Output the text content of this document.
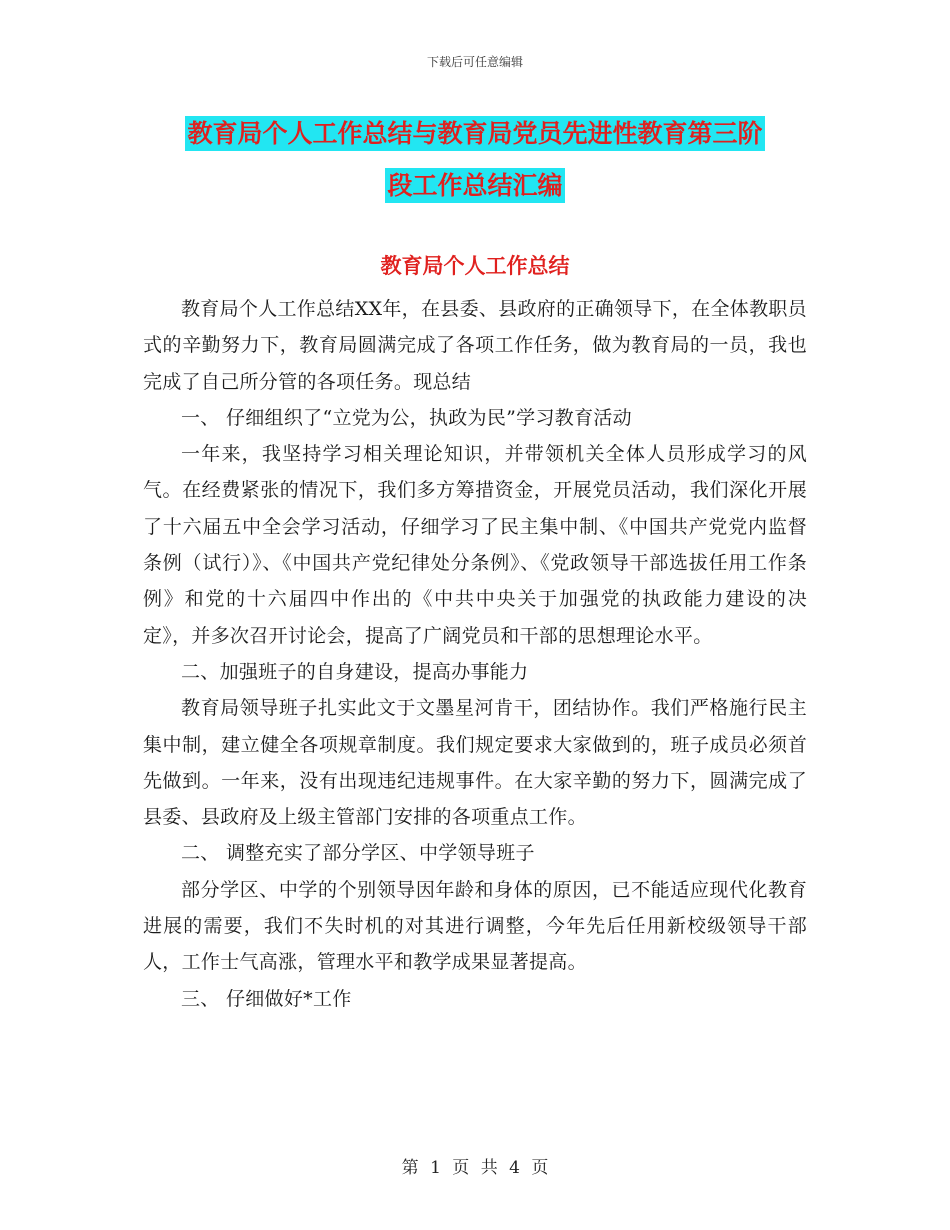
下载后可任意编辑
教育局个人工作总结与教育局党员先进性教育第三阶
段工作总结汇编
教育局个人工作总结

教育局个人工作总结XX年，在县委、县政府的正确领导下，在全体教职员式的辛勤努力下，教育局圆满完成了各项工作任务，做为教育局的一员，我也完成了自己所分管的各项任务。现总结

一、 仔细组织了“立党为公，执政为民”学习教育活动

一年来，我坚持学习相关理论知识，并带领机关全体人员形成学习的风气。在经费紧张的情况下，我们多方筹措资金，开展党员活动，我们深化开展了十六届五中全会学习活动，仔细学习了民主集中制、《中国共产党党内监督条例（试行）》、《中国共产党纪律处分条例》、《党政领导干部选拔任用工作条例》和党的十六届四中作出的《中共中央关于加强党的执政能力建设的决定》，并多次召开讨论会，提高了广阔党员和干部的思想理论水平。

二、加强班子的自身建设，提高办事能力

教育局领导班子扎实此文于文墨星河肯干，团结协作。我们严格施行民主集中制，建立健全各项规章制度。我们规定要求大家做到的，班子成员必须首先做到。一年来，没有出现违纪违规事件。在大家辛勤的努力下，圆满完成了县委、县政府及上级主管部门安排的各项重点工作。

二、 调整充实了部分学区、中学领导班子

部分学区、中学的个别领导因年龄和身体的原因，已不能适应现代化教育进展的需要，我们不失时机的对其进行调整，今年先后任用新校级领导干部人，工作士气高涨，管理水平和教学成果显著提高。

三、 仔细做好*工作

第 1 页 共 4 页
